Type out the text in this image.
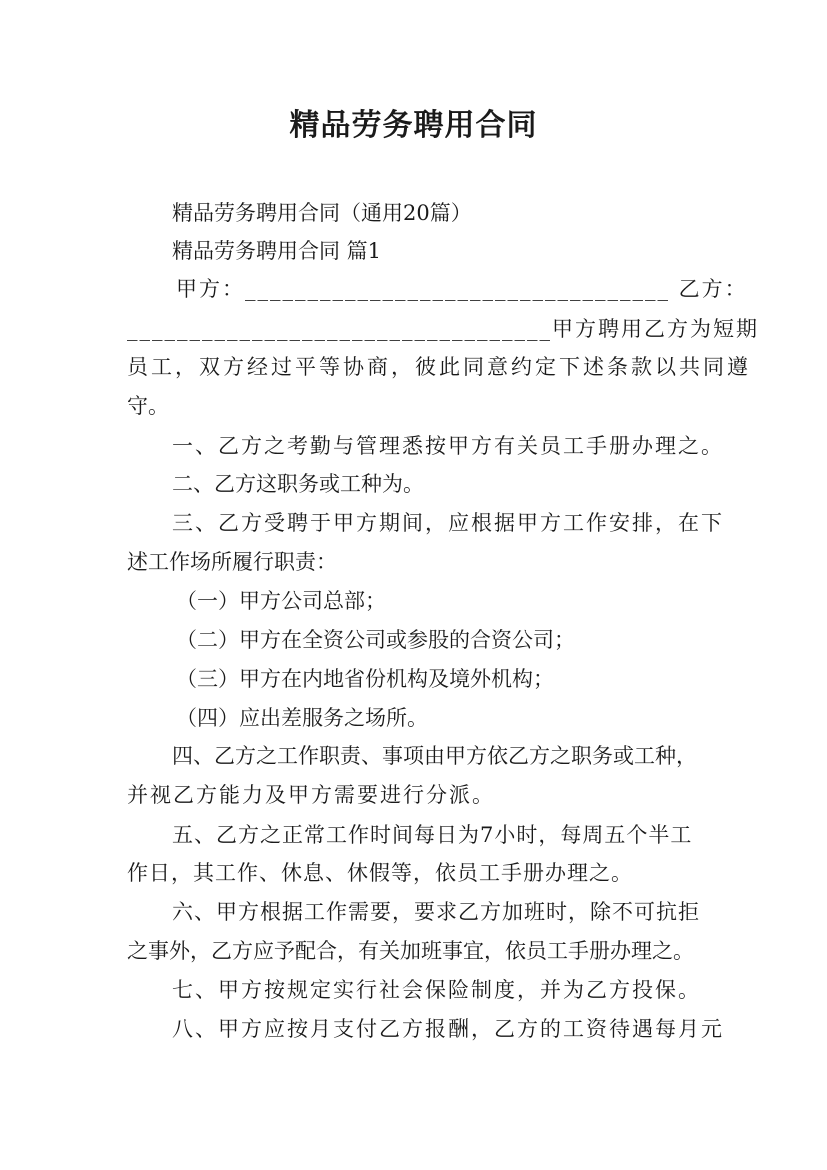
精品劳务聘用合同
精品劳务聘用合同（通用20篇）
精品劳务聘用合同 篇1
甲方：__________________________________ 乙方：
__________________________________甲方聘用乙方为短期
员工，双方经过平等协商，彼此同意约定下述条款以共同遵
守。
一、乙方之考勤与管理悉按甲方有关员工手册办理之。
二、乙方这职务或工种为。
三、乙方受聘于甲方期间，应根据甲方工作安排，在下
述工作场所履行职责：
（一）甲方公司总部；
（二）甲方在全资公司或参股的合资公司；
（三）甲方在内地省份机构及境外机构；
（四）应出差服务之场所。
四、乙方之工作职责、事项由甲方依乙方之职务或工种，
并视乙方能力及甲方需要进行分派。
五、乙方之正常工作时间每日为7小时，每周五个半工
作日，其工作、休息、休假等，依员工手册办理之。
六、甲方根据工作需要，要求乙方加班时，除不可抗拒
之事外，乙方应予配合，有关加班事宜，依员工手册办理之。
七、甲方按规定实行社会保险制度，并为乙方投保。
八、甲方应按月支付乙方报酬，乙方的工资待遇每月元
